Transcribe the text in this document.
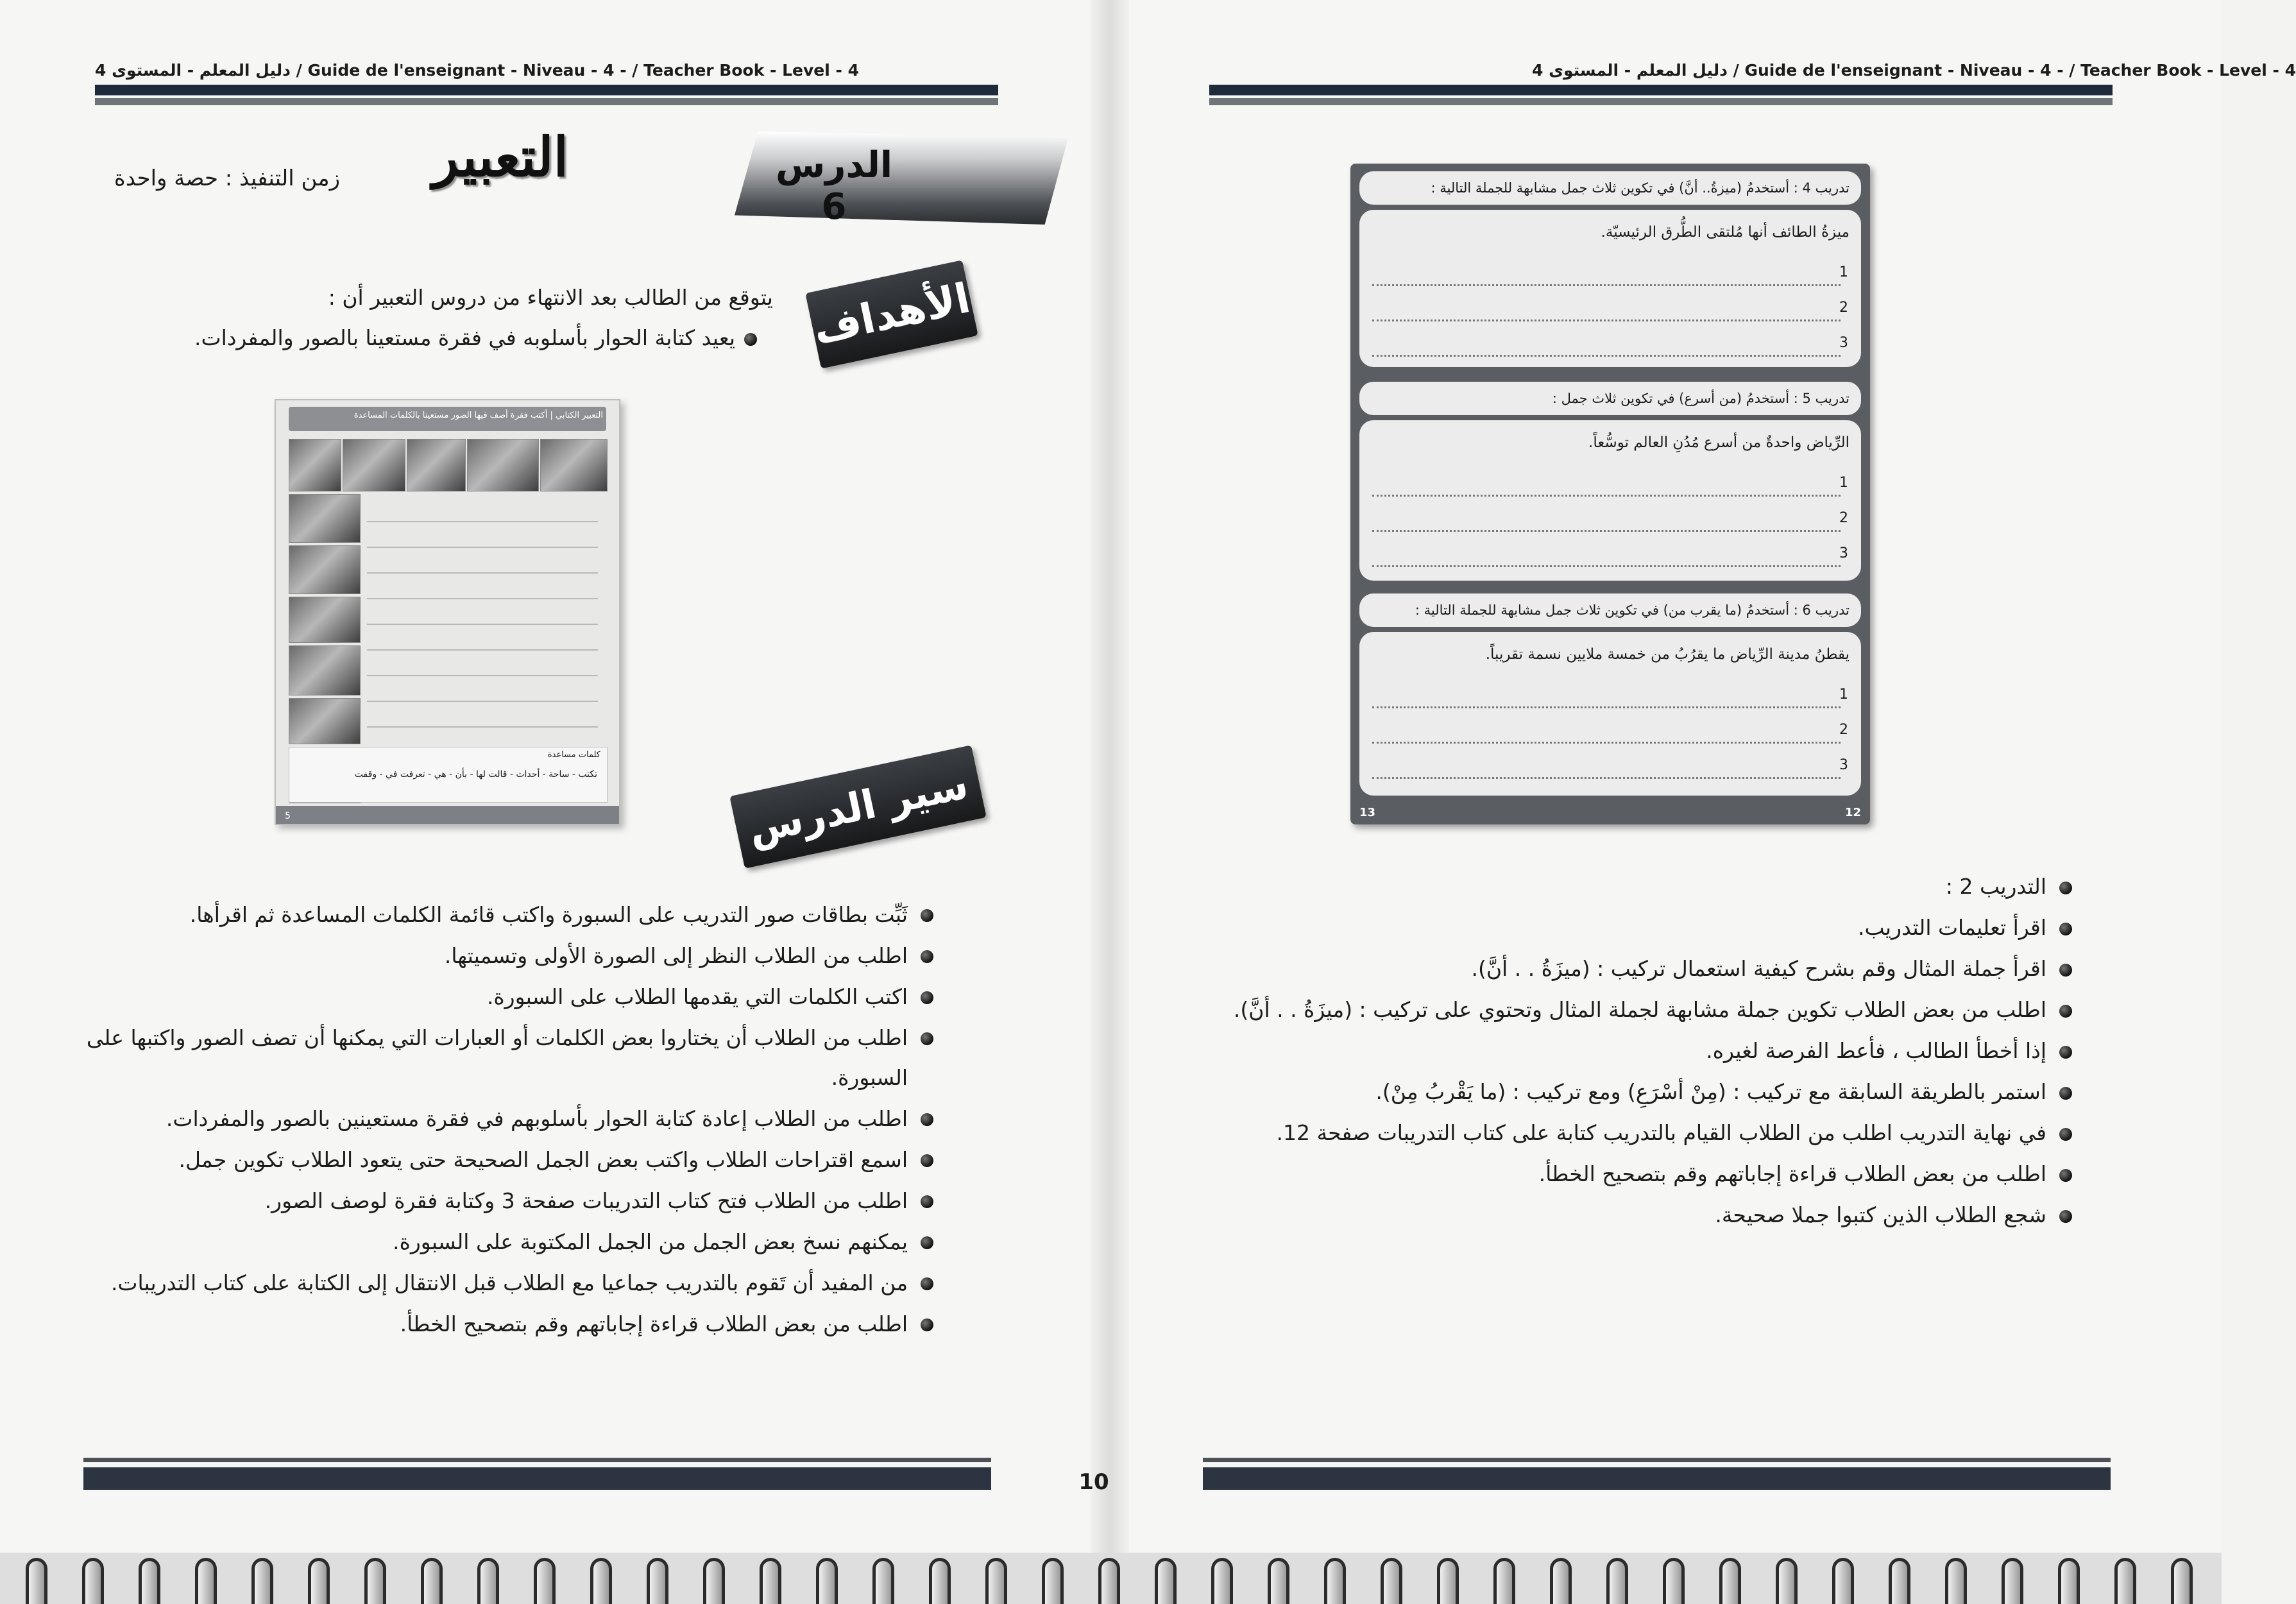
دليل المعلم - المستوى 4 / Guide de l'enseignant - Niveau - 4 - / Teacher Book - Level - 4	دليل المعلم - المستوى 4 / Guide de l'enseignant - Niveau - 4 - / Teacher Book - Level - 4
الدرس 6
التعبير
زمن التنفيذ : حصة واحدة
الأهداف
يتوقع من الطالب بعد الانتهاء من دروس التعبير أن :
يعيد كتابة الحوار بأسلوبه في فقرة مستعينا بالصور والمفردات.
التعبير الكتابي | أكتب فقرة أصف فيها الصور مستعينا بالكلمات المساعدة
كلمات مساعدة
تكتب - ساحة - أحداث - قالت لها - بأن - هي - تعرفت في - وقفت
5	سير الدرس
ثَبِّت بطاقات صور التدريب على السبورة واكتب قائمة الكلمات المساعدة ثم اقرأها.
اطلب من الطلاب النظر إلى الصورة الأولى وتسميتها.
اكتب الكلمات التي يقدمها الطلاب على السبورة.
اطلب من الطلاب أن يختاروا بعض الكلمات أو العبارات التي يمكنها أن تصف الصور واكتبها على السبورة.
اطلب من الطلاب إعادة كتابة الحوار بأسلوبهم في فقرة مستعينين بالصور والمفردات.
اسمع اقتراحات الطلاب واكتب بعض الجمل الصحيحة حتى يتعود الطلاب تكوين جمل.
اطلب من الطلاب فتح كتاب التدريبات صفحة 3 وكتابة فقرة لوصف الصور.
يمكنهم نسخ بعض الجمل من الجمل المكتوبة على السبورة.
من المفيد أن تَقوم بالتدريب جماعيا مع الطلاب قبل الانتقال إلى الكتابة على كتاب التدريبات.
اطلب من بعض الطلاب قراءة إجاباتهم وقم بتصحيح الخطأ.
تدريب 4 : أستخدمُ (ميزةُ.. أنَّ) في تكوين ثلاث جمل مشابهة للجملة التالية :
ميزةُ الطائف أنها مُلتقى الطُّرق الرئيسيّة.
1
2
3
تدريب 5 : أستخدمُ (من أسرع) في تكوين ثلاث جمل :
الرِّياض واحدةٌ من أسرع مُدُنِ العالم توسُّعاً.
1
2
3
تدريب 6 : أستخدمُ (ما يقرب من) في تكوين ثلاث جمل مشابهة للجملة التالية :
يقطنُ مدينة الرِّياض ما يقرُبُ من خمسة ملايين نسمة تقريباً.
1
2
3
13	12
التدريب 2 :
اقرأ تعليمات التدريب.
اقرأ جملة المثال وقم بشرح كيفية استعمال تركيب : (ميزَةُ . . أنَّ).
اطلب من بعض الطلاب تكوين جملة مشابهة لجملة المثال وتحتوي على تركيب : (ميزَةُ . . أنَّ).
إذا أخطأ الطالب ، فأعط الفرصة لغيره.
استمر بالطريقة السابقة مع تركيب : (مِنْ أسْرَعِ) ومع تركيب : (ما يَقْربُ مِنْ).
في نهاية التدريب اطلب من الطلاب القيام بالتدريب كتابة على كتاب التدريبات صفحة 12.
اطلب من بعض الطلاب قراءة إجاباتهم وقم بتصحيح الخطأ.
شجع الطلاب الذين كتبوا جملا صحيحة.
10
